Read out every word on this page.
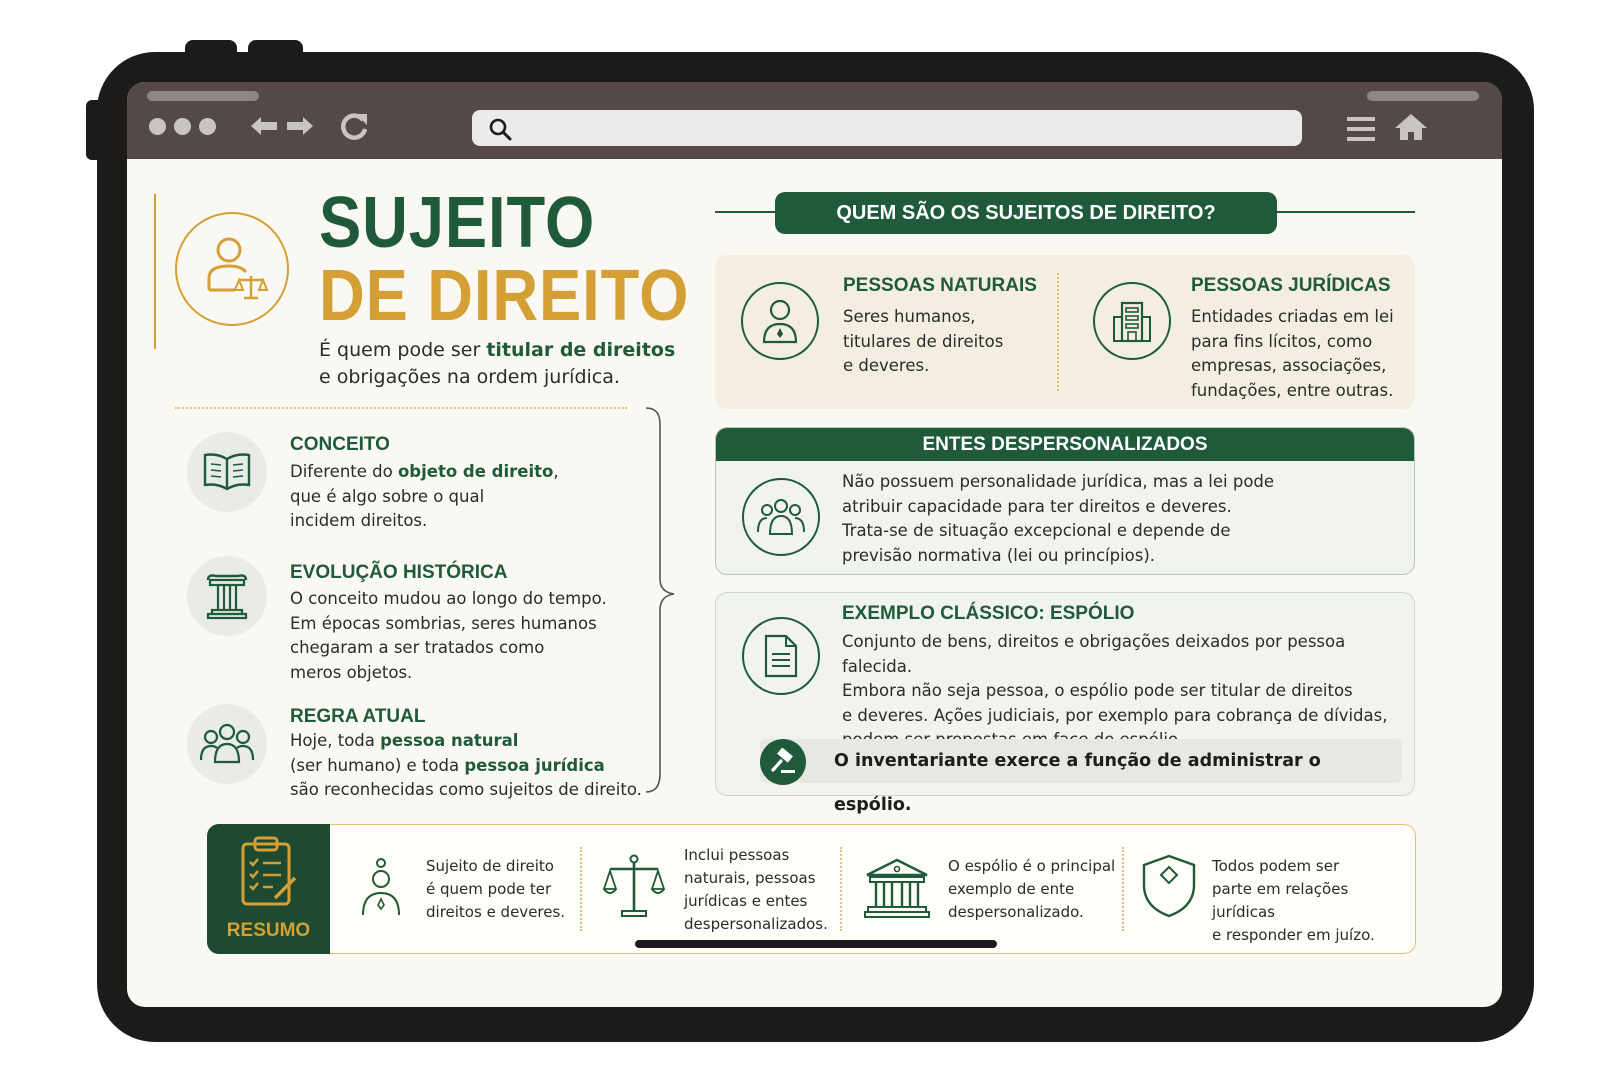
SUJEITO
DE DIREITO
É quem pode ser titular de direitos
e obrigações na ordem jurídica.
CONCEITO
Diferente do objeto de direito,
que é algo sobre o qual
incidem direitos.
EVOLUÇÃO HISTÓRICA
O conceito mudou ao longo do tempo.
Em épocas sombrias, seres humanos
chegaram a ser tratados como
meros objetos.
REGRA ATUAL
Hoje, toda pessoa natural
(ser humano) e toda pessoa jurídica
são reconhecidas como sujeitos de direito.
QUEM SÃO OS SUJEITOS DE DIREITO?
PESSOAS NATURAIS
Seres humanos,
titulares de direitos
e deveres.
PESSOAS JURÍDICAS
Entidades criadas em lei
para fins lícitos, como
empresas, associações,
fundações, entre outras.
ENTES DESPERSONALIZADOS
Não possuem personalidade jurídica, mas a lei pode
atribuir capacidade para ter direitos e deveres.
Trata-se de situação excepcional e depende de
previsão normativa (lei ou princípios).
EXEMPLO CLÁSSICO: ESPÓLIO
Conjunto de bens, direitos e obrigações deixados por pessoa falecida.
Embora não seja pessoa, o espólio pode ser titular de direitos
e deveres. Ações judiciais, por exemplo para cobrança de dívidas,

O inventariante exerce a função de administrar o espólio.
RESUMO
Sujeito de direito
é quem pode ter
direitos e deveres.
Inclui pessoas
naturais, pessoas
jurídicas e entes
despersonalizados.
O espólio é o principal
exemplo de ente
despersonalizado.
Todos podem ser
parte em relações jurídicas
e responder em juízo.
